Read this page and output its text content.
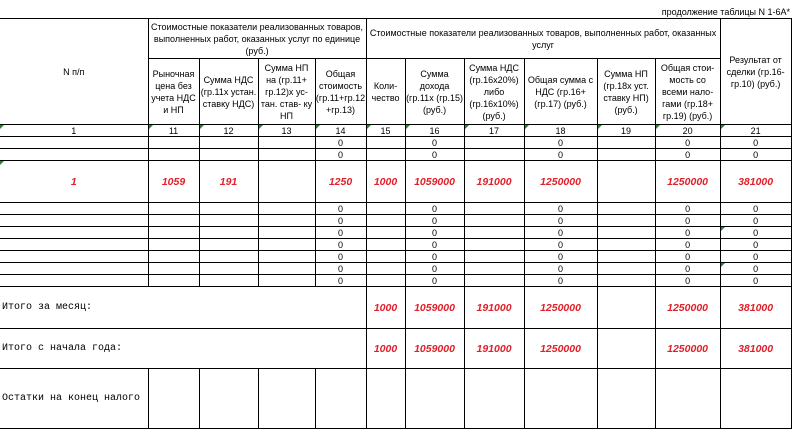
продолжение таблицы N 1-6А*
N п/п	Стоимостные показатели реализованных товаров, выполненных работ, оказанных услуг по единице (руб.)				Стоимостные показатели реализованных товаров, выполненных работ, оказанных услуг						Результат от сделки (гр.16-гр.10) (руб.)
	Рыночная цена без учета НДС и НП	Сумма НДС (гр.11х устан. ставку НДС)	Сумма НП на (гр.11+ гр.12)х ус- тан. став- ку НП	Общая стоимость (гр.11+гр.12 +гр.13)	Коли- чество	Сумма дохода (гр.11х (гр.15) (руб.)	Сумма НДС (гр.16х20%) либо (гр.16х10%) (руб.)	Общая сумма с НДС (гр.16+ (гр.17) (руб.)	Сумма НП (гр.18х уст. ставку НП) (руб.)	Общая стои- мость со всеми нало- гами (гр.18+ гр.19) (руб.)	
1	11	12	13	14	15	16	17	18	19	20	21
				0		0		0		0	0
				0		0		0		0	0
1	1059	191		1250	1000	1059000	191000	1250000		1250000	381000
				0		0		0		0	0
				0		0		0		0	0
				0		0		0		0	0
				0		0		0		0	0
				0		0		0		0	0
				0		0		0		0	0
				0		0		0		0	0
Итого за месяц:					1000	1059000	191000	1250000		1250000	381000
Итого с начала года:					1000	1059000	191000	1250000		1250000	381000
Остатки на конец налого											
